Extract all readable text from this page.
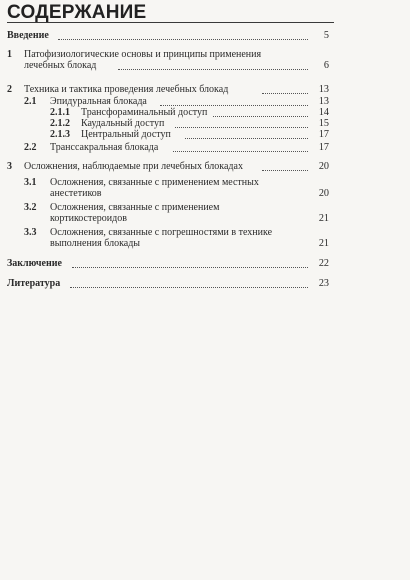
СОДЕРЖАНИЕ
Введение	5
1 Патофизиологические основы и принципы применения
лечебных блокад	6
2 Техника и тактика проведения лечебных блокад	13
2.1 Эпидуральная блокада	13
2.1.1 Трансфораминальный доступ	14
2.1.2 Каудальный доступ	15
2.1.3 Центральный доступ	17
2.2 Транссакральная блокада	17
3 Осложнения, наблюдаемые при лечебных блокадах	20
3.1 Осложнения, связанные с применением местных
анестетиков	20
3.2 Осложнения, связанные с применением
кортикостероидов	21
3.3 Осложнения, связанные с погрешностями в технике
выполнения блокады	21
Заключение	22
Литература	23
